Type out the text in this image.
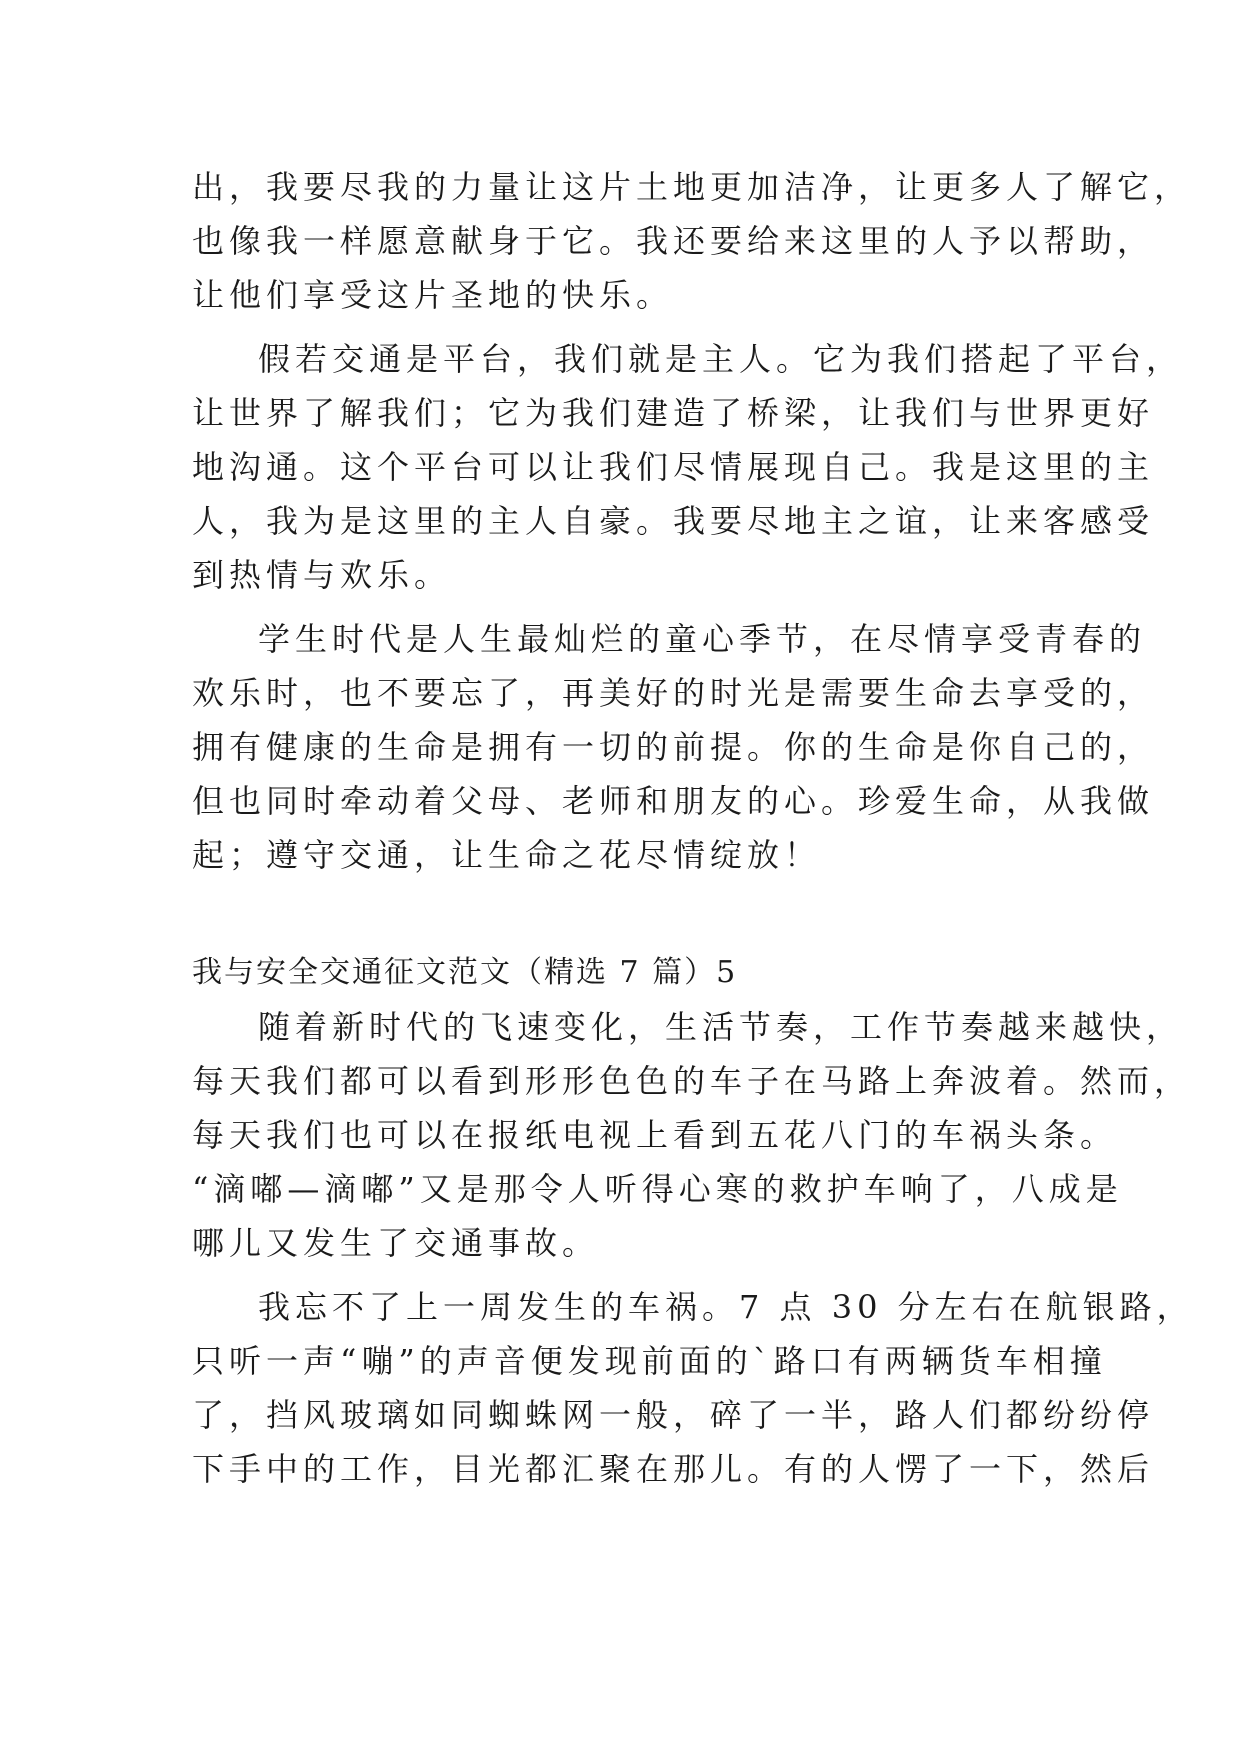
出，我要尽我的力量让这片土地更加洁净，让更多人了解它，
也像我一样愿意献身于它。我还要给来这里的人予以帮助，
让他们享受这片圣地的快乐。
假若交通是平台，我们就是主人。它为我们搭起了平台，
让世界了解我们；它为我们建造了桥梁，让我们与世界更好
地沟通。这个平台可以让我们尽情展现自己。我是这里的主
人，我为是这里的主人自豪。我要尽地主之谊，让来客感受
到热情与欢乐。
学生时代是人生最灿烂的童心季节，在尽情享受青春的
欢乐时，也不要忘了，再美好的时光是需要生命去享受的，
拥有健康的生命是拥有一切的前提。你的生命是你自己的，
但也同时牵动着父母、老师和朋友的心。珍爱生命，从我做
起；遵守交通，让生命之花尽情绽放！
我与安全交通征文范文（精选 7 篇）5
随着新时代的飞速变化，生活节奏，工作节奏越来越快，
每天我们都可以看到形形色色的车子在马路上奔波着。然而，
每天我们也可以在报纸电视上看到五花八门的车祸头条。
“滴嘟—滴嘟”又是那令人听得心寒的救护车响了，八成是
哪儿又发生了交通事故。
我忘不了上一周发生的车祸。7 点 30 分左右在航银路，
只听一声“嘣”的声音便发现前面的`路口有两辆货车相撞
了，挡风玻璃如同蜘蛛网一般，碎了一半，路人们都纷纷停
下手中的工作，目光都汇聚在那儿。有的人愣了一下，然后
